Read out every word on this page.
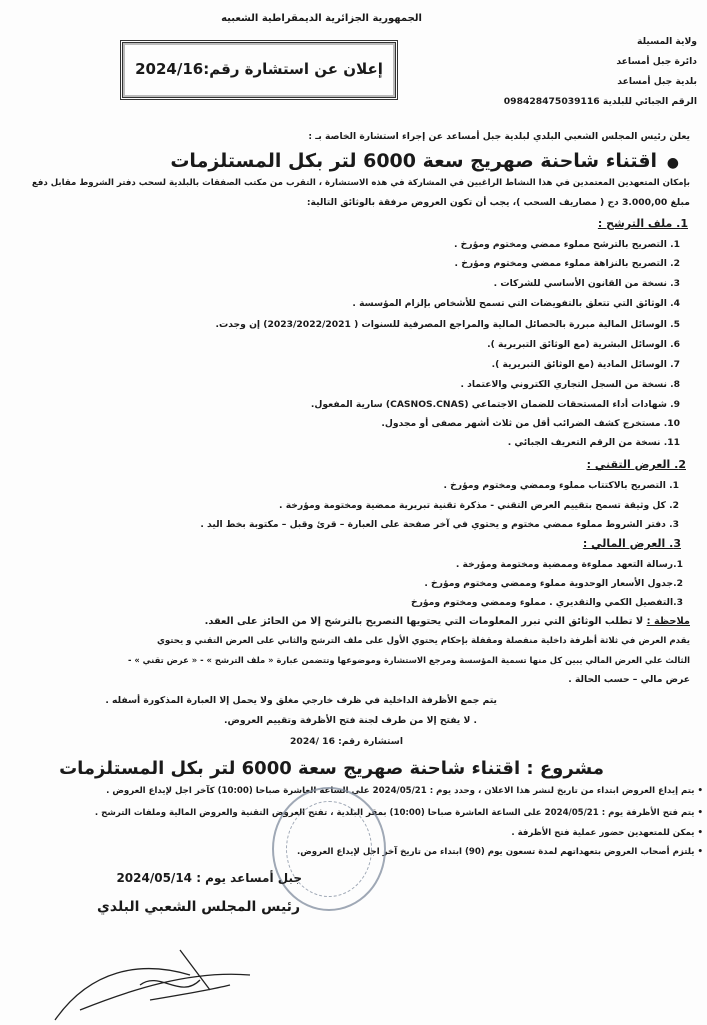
الجمهورية الجزائرية الديمقراطية الشعبيه
إعلان عن استشارة رقم:2024/16
ولاية المسيلة
دائرة جبل أمساعد
بلدية جبل أمساعد
الرقم الجبائي للبلدية 098428475039116
يعلن رئيس المجلس الشعبي البلدي لبلدية جبل أمساعد عن إجراء استشارة الخاصة بـ :
●  اقتناء شاحنة صهريج سعة 6000 لتر بكل المستلزمات
بإمكان المتعهدين المعتمدين في هذا النشاط الراغبين في المشاركة في هذه الاستشارة ، التقرب من مكتب الصفقات بالبلدية لسحب دفتر الشروط مقابل دفع
مبلغ 3.000,00 دج ( مصاريف السحب )، يجب أن تكون العروض مرفقة بالوثائق التالية:
1. ملف الترشح :
1. التصريح بالترشح مملوء ممضي ومختوم ومؤرخ .
2. التصريح بالنزاهة مملوء ممضي ومختوم ومؤرخ .
3. نسخة من القانون الأساسي للشركات .
4. الوثائق التي تتعلق بالتفويضات التي تسمح للأشخاص بإلزام المؤسسة .
5. الوسائل المالية مبررة بالحصائل المالية والمراجع المصرفية للسنوات ( 2023/2022/2021) إن وجدت.
6. الوسائل البشرية (مع الوثائق التبريرية ).
7. الوسائل المادية (مع الوثائق التبريرية ).
8. نسخة من السجل التجاري الكتروني والاعتماد .
9. شهادات أداء المستحقات للضمان الاجتماعي (CASNOS.CNAS) سارية المفعول.
10. مستخرج كشف الضرائب أقل من ثلاث أشهر مصفى أو مجدول.
11. نسخة من الرقم التعريف الجبائي .
2. العرض التقني :
1. التصريح بالاكتتاب مملوء وممضي ومختوم ومؤرخ .
2. كل وثيقة تسمح بتقييم العرض التقني - مذكرة تقنية تبريرية ممضية ومختومة ومؤرخة .
3. دفتر الشروط مملوء ممضي مختوم و يحتوي في آخر صفحة على العبارة – قرئ وقبل – مكتوبة بخط اليد .
3. العرض المالي :
1.رسالة التعهد مملوءة وممضية ومختومة ومؤرخة .
2.جدول الأسعار الوحدوية مملوء وممضي ومختوم ومؤرخ .
3.التفصيل الكمي والتقديري . مملوء وممضي ومختوم ومؤرخ
ملاحظة : لا تطلب الوثائق التي تبرر المعلومات التي يحتويها التصريح بالترشح إلا من الحائز على العقد.
يقدم العرض في ثلاثة أظرفة داخلية منفصلة ومقفلة بإحكام يحتوي الأول على ملف الترشح والثاني على العرض التقني و يحتوي
الثالث علي العرض المالي يبين كل منها تسمية المؤسسة ومرجع الاستشارة وموضوعها وتتضمن عبارة « ملف الترشح » - « عرض تقني » -
عرض مالي – حسب الحالة .
يتم جمع الأظرفة الداخلية في ظرف خارجي مغلق ولا يحمل إلا العبارة المذكورة أسفله .
. لا يفتح إلا من طرف لجنة فتح الأظرفة وتقييم العروض.
استشارة رقم: 16 /2024
مشروع : اقتناء شاحنة صهريج سعة 6000 لتر بكل المستلزمات
• يتم إيداع العروض ابتداء من تاريخ لنشر هذا الاعلان ، وحدد يوم : 2024/05/21 على الساعة العاشرة صباحا (10:00) كآخر اجل لإيداع العروض .
• يتم فتح الأظرفة يوم : 2024/05/21 على الساعة العاشرة صباحا (10:00) بمقر البلدية ، تفتح العروض التقنية والعروض المالية وملفات الترشح .
• يمكن للمتعهدين حضور عملية فتح الأظرفة .
• يلتزم أصحاب العروض بتعهداتهم لمدة تسعون يوم (90) ابتداء من تاريخ آخر اجل لإيداع العروض.
جبل أمساعد يوم : 2024/05/14
رئيس المجلس الشعبي البلدي
